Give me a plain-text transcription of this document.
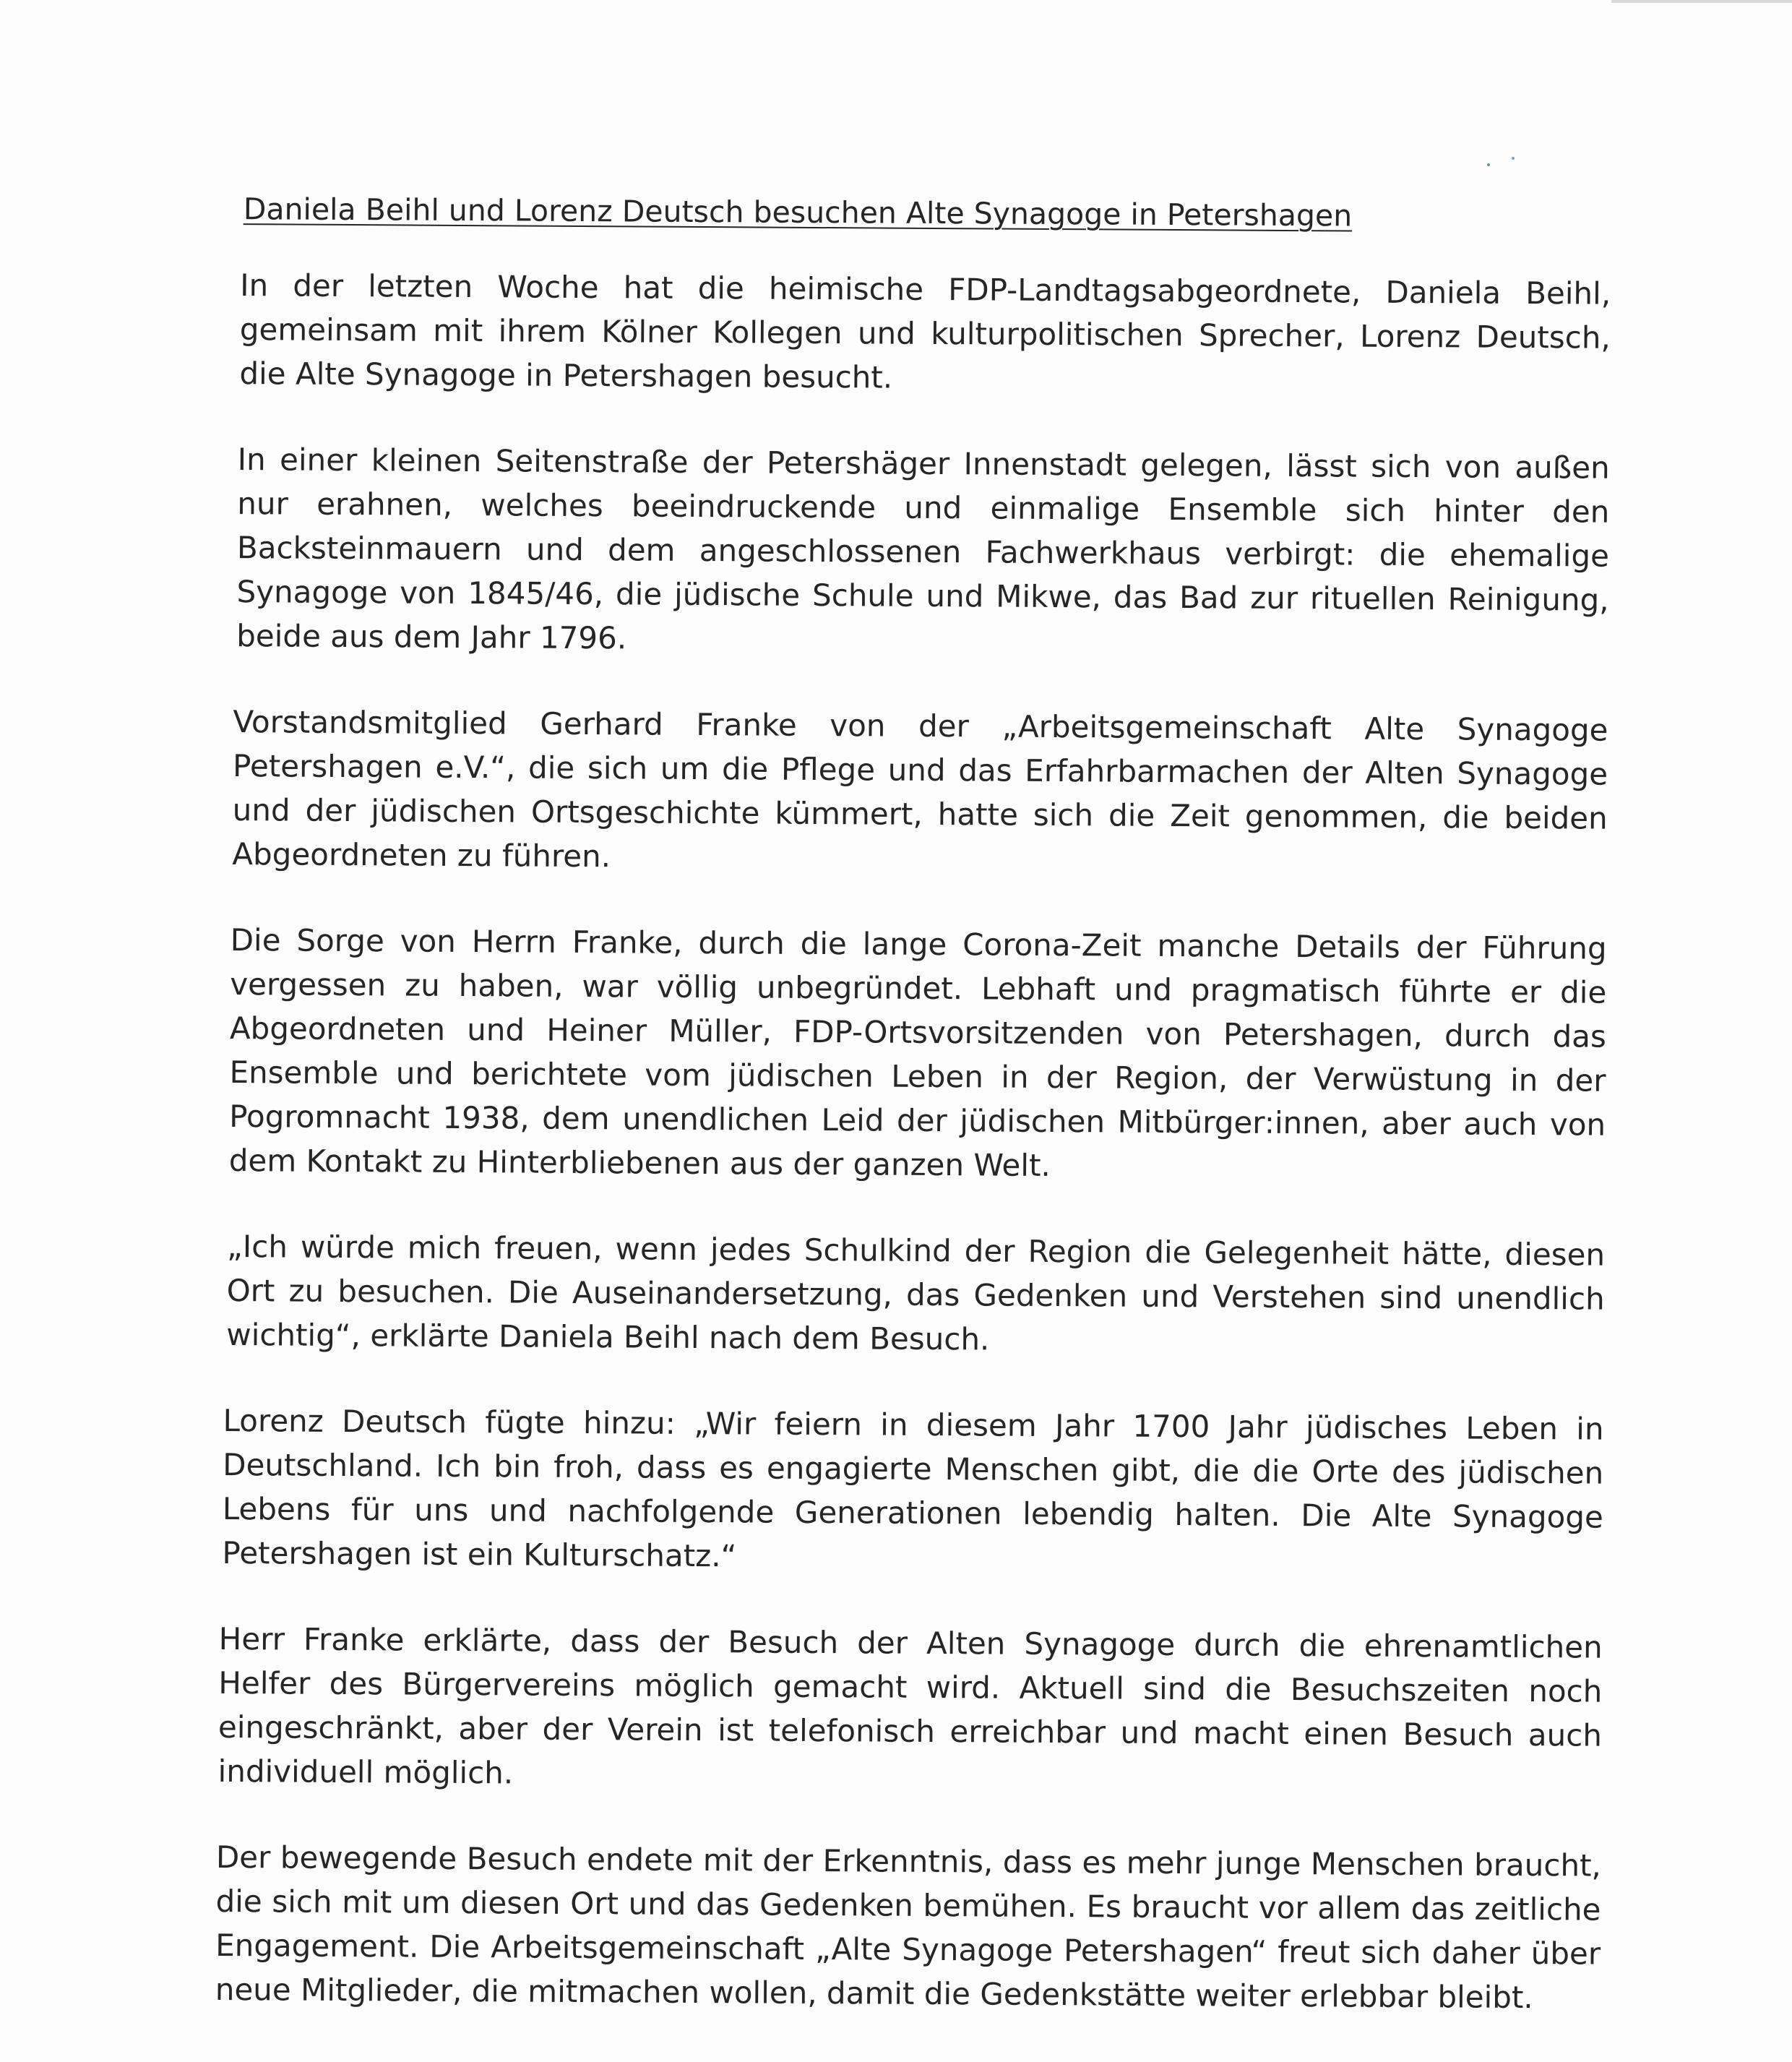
Daniela Beihl und Lorenz Deutsch besuchen Alte Synagoge in Petershagen

In der letzten Woche hat die heimische FDP-Landtagsabgeordnete, Daniela Beihl, gemeinsam mit ihrem Kölner Kollegen und kulturpolitischen Sprecher, Lorenz Deutsch, die Alte Synagoge in Petershagen besucht.

In einer kleinen Seitenstraße der Petershäger Innenstadt gelegen, lässt sich von außen nur erahnen, welches beeindruckende und einmalige Ensemble sich hinter den Backsteinmauern und dem angeschlossenen Fachwerkhaus verbirgt: die ehemalige Synagoge von 1845/46, die jüdische Schule und Mikwe, das Bad zur rituellen Reinigung, beide aus dem Jahr 1796.

Vorstandsmitglied Gerhard Franke von der „Arbeitsgemeinschaft Alte Synagoge Petershagen e.V.“, die sich um die Pflege und das Erfahrbarmachen der Alten Synagoge und der jüdischen Ortsgeschichte kümmert, hatte sich die Zeit genommen, die beiden Abgeordneten zu führen.

Die Sorge von Herrn Franke, durch die lange Corona-Zeit manche Details der Führung vergessen zu haben, war völlig unbegründet. Lebhaft und pragmatisch führte er die Abgeordneten und Heiner Müller, FDP-Ortsvorsitzenden von Petershagen, durch das Ensemble und berichtete vom jüdischen Leben in der Region, der Verwüstung in der Pogromnacht 1938, dem unendlichen Leid der jüdischen Mitbürger:innen, aber auch von dem Kontakt zu Hinterbliebenen aus der ganzen Welt.

„Ich würde mich freuen, wenn jedes Schulkind der Region die Gelegenheit hätte, diesen Ort zu besuchen. Die Auseinandersetzung, das Gedenken und Verstehen sind unendlich wichtig“, erklärte Daniela Beihl nach dem Besuch.

Lorenz Deutsch fügte hinzu: „Wir feiern in diesem Jahr 1700 Jahr jüdisches Leben in Deutschland. Ich bin froh, dass es engagierte Menschen gibt, die die Orte des jüdischen Lebens für uns und nachfolgende Generationen lebendig halten. Die Alte Synagoge Petershagen ist ein Kulturschatz.“

Herr Franke erklärte, dass der Besuch der Alten Synagoge durch die ehrenamtlichen Helfer des Bürgervereins möglich gemacht wird. Aktuell sind die Besuchszeiten noch eingeschränkt, aber der Verein ist telefonisch erreichbar und macht einen Besuch auch individuell möglich.

Der bewegende Besuch endete mit der Erkenntnis, dass es mehr junge Menschen braucht, die sich mit um diesen Ort und das Gedenken bemühen. Es braucht vor allem das zeitliche Engagement. Die Arbeitsgemeinschaft „Alte Synagoge Petershagen“ freut sich daher über neue Mitglieder, die mitmachen wollen, damit die Gedenkstätte weiter erlebbar bleibt.
